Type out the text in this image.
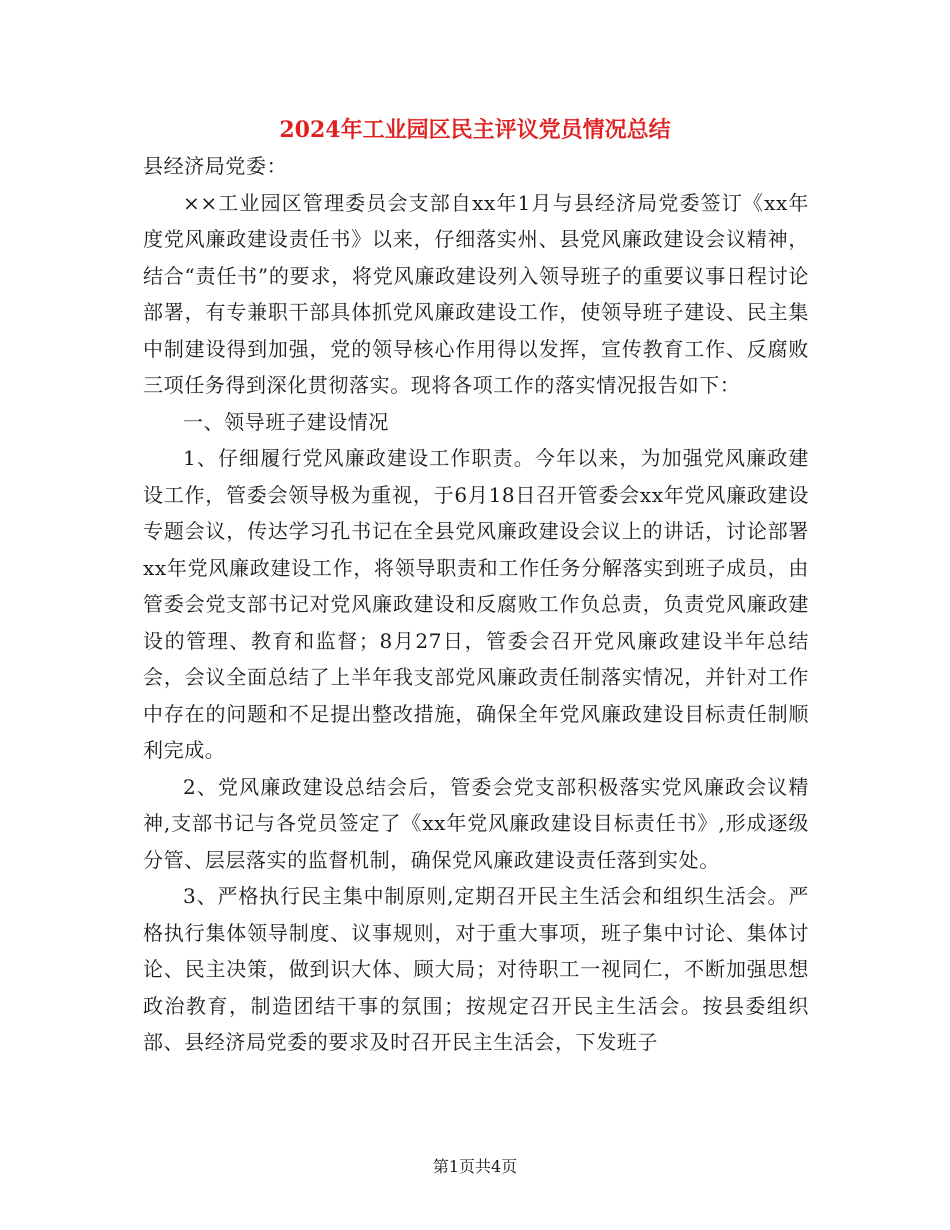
2024年工业园区民主评议党员情况总结

县经济局党委：

××工业园区管理委员会支部自xx年1月与县经济局党委签订《xx年度党风廉政建设责任书》以来，仔细落实州、县党风廉政建设会议精神，结合“责任书”的要求，将党风廉政建设列入领导班子的重要议事日程讨论部署，有专兼职干部具体抓党风廉政建设工作，使领导班子建设、民主集中制建设得到加强，党的领导核心作用得以发挥，宣传教育工作、反腐败三项任务得到深化贯彻落实。现将各项工作的落实情况报告如下：

一、领导班子建设情况

1、仔细履行党风廉政建设工作职责。今年以来，为加强党风廉政建设工作，管委会领导极为重视，于6月18日召开管委会xx年党风廉政建设专题会议，传达学习孔书记在全县党风廉政建设会议上的讲话，讨论部署xx年党风廉政建设工作，将领导职责和工作任务分解落实到班子成员，由管委会党支部书记对党风廉政建设和反腐败工作负总责，负责党风廉政建设的管理、教育和监督；8月27日，管委会召开党风廉政建设半年总结会，会议全面总结了上半年我支部党风廉政责任制落实情况，并针对工作中存在的问题和不足提出整改措施，确保全年党风廉政建设目标责任制顺利完成。

2、党风廉政建设总结会后，管委会党支部积极落实党风廉政会议精神,支部书记与各党员签定了《xx年党风廉政建设目标责任书》,形成逐级分管、层层落实的监督机制，确保党风廉政建设责任落到实处。

3、严格执行民主集中制原则,定期召开民主生活会和组织生活会。严格执行集体领导制度、议事规则，对于重大事项，班子集中讨论、集体讨论、民主决策，做到识大体、顾大局；对待职工一视同仁，不断加强思想政治教育，制造团结干事的氛围；按规定召开民主生活会。按县委组织部、县经济局党委的要求及时召开民主生活会，下发班子

第1页共4页
